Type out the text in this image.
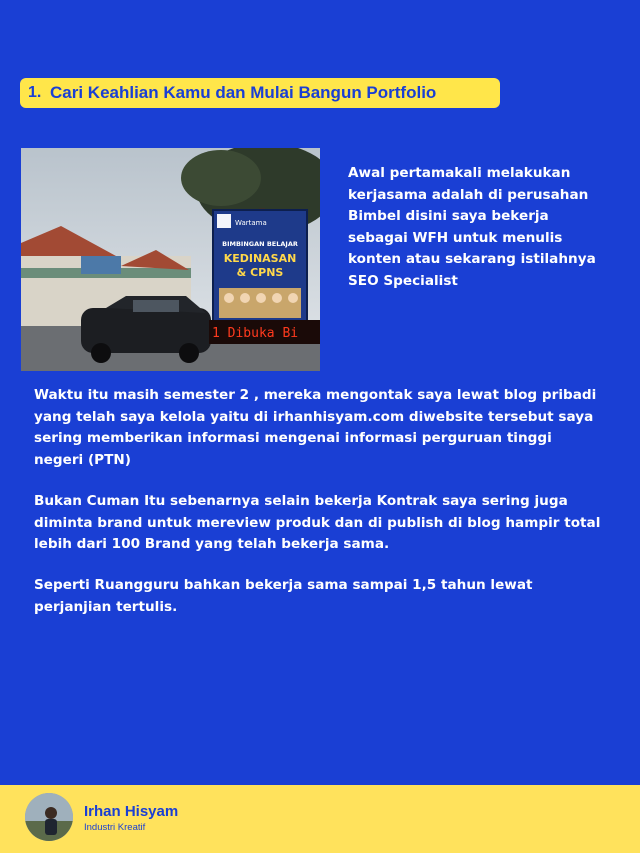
1. Cari Keahlian Kamu dan Mulai Bangun Portfolio
Wartama
BIMBINGAN BELAJAR
KEDINASAN
& CPNS
1 Dibuka Bi

Awal pertamakali melakukan kerjasama adalah di perusahan Bimbel disini saya bekerja sebagai WFH untuk menulis konten atau sekarang istilahnya SEO Specialist

Waktu itu masih semester 2 , mereka mengontak saya lewat blog pribadi yang telah saya kelola yaitu di irhanhisyam.com diwebsite tersebut saya sering memberikan informasi mengenai informasi perguruan tinggi negeri (PTN)

Bukan Cuman Itu sebenarnya selain bekerja Kontrak saya sering juga diminta brand untuk mereview produk dan di publish di blog hampir total lebih dari 100 Brand yang telah bekerja sama.

Seperti Ruangguru bahkan bekerja sama sampai 1,5 tahun lewat perjanjian tertulis.

Irhan Hisyam
Industri Kreatif
